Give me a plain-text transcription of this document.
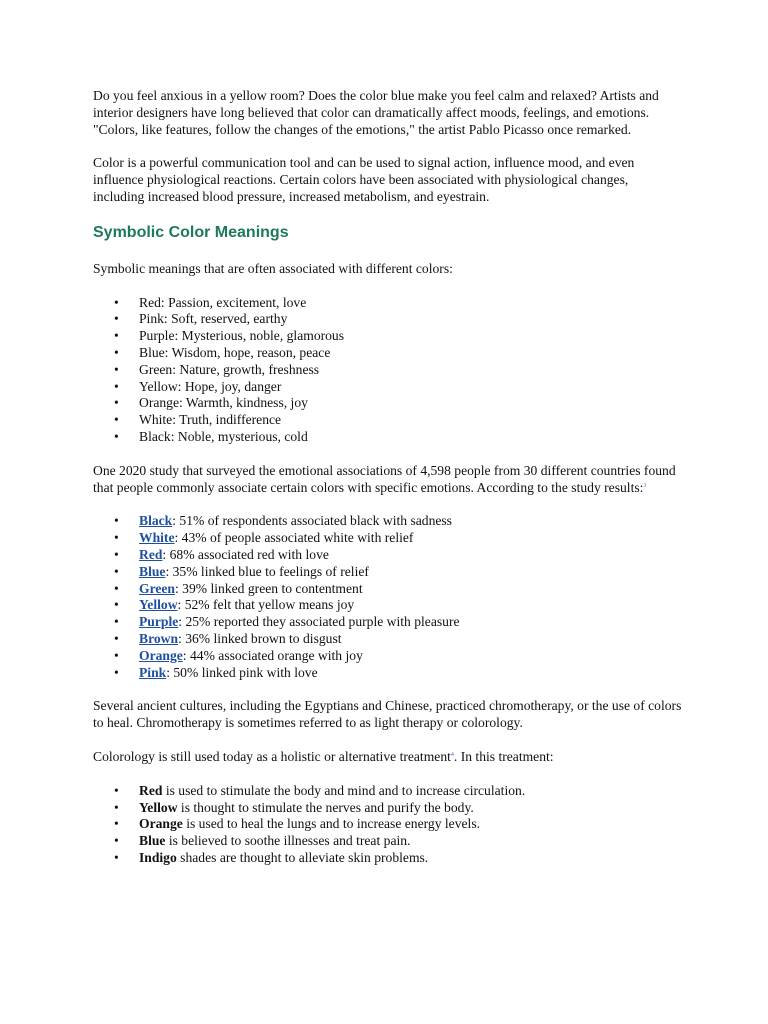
Do you feel anxious in a yellow room? Does the color blue make you feel calm and relaxed? Artists and interior designers have long believed that color can dramatically affect moods, feelings, and emotions. "Colors, like features, follow the changes of the emotions," the artist Pablo Picasso once remarked.

Color is a powerful communication tool and can be used to signal action, influence mood, and even influence physiological reactions. Certain colors have been associated with physiological changes, including increased blood pressure, increased metabolism, and eyestrain.

Symbolic Color Meanings

Symbolic meanings that are often associated with different colors:

• Red: Passion, excitement, love
• Pink: Soft, reserved, earthy
• Purple: Mysterious, noble, glamorous
• Blue: Wisdom, hope, reason, peace
• Green: Nature, growth, freshness
• Yellow: Hope, joy, danger
• Orange: Warmth, kindness, joy
• White: Truth, indifference
• Black: Noble, mysterious, cold

One 2020 study that surveyed the emotional associations of 4,598 people from 30 different countries found that people commonly associate certain colors with specific emotions. According to the study results:$^3$

• Black: 51% of respondents associated black with sadness
• White: 43% of people associated white with relief
• Red: 68% associated red with love
• Blue: 35% linked blue to feelings of relief
• Green: 39% linked green to contentment
• Yellow: 52% felt that yellow means joy
• Purple: 25% reported they associated purple with pleasure
• Brown: 36% linked brown to disgust
• Orange: 44% associated orange with joy
• Pink: 50% linked pink with love

Several ancient cultures, including the Egyptians and Chinese, practiced chromotherapy, or the use of colors to heal. Chromotherapy is sometimes referred to as light therapy or colorology.

Colorology is still used today as a holistic or alternative treatment$^4$. In this treatment:

• Red is used to stimulate the body and mind and to increase circulation.
• Yellow is thought to stimulate the nerves and purify the body.
• Orange is used to heal the lungs and to increase energy levels.
• Blue is believed to soothe illnesses and treat pain.
• Indigo shades are thought to alleviate skin problems.
